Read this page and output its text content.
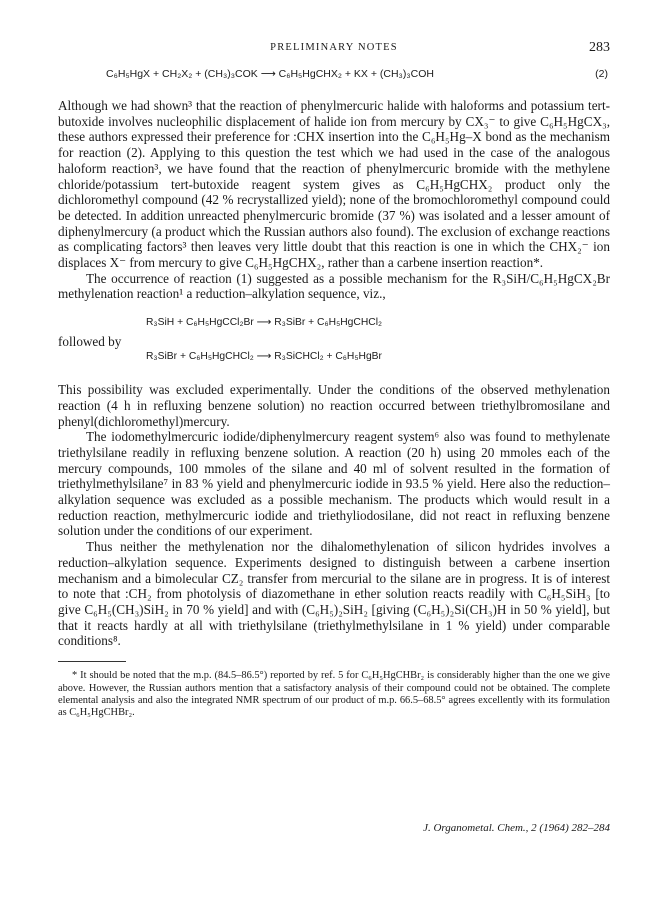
PRELIMINARY NOTES	283
C₆H₅HgX + CH₂X₂ + (CH₃)₃COK ⟶ C₆H₅HgCHX₂ + KX + (CH₃)₃COH	(2)

Although we had shown³ that the reaction of phenylmercuric halide with haloforms and potassium tert-butoxide involves nucleophilic displacement of halide ion from mercury by CX₃⁻ to give C₆H₅HgCX₃, these authors expressed their preference for :CHX insertion into the C₆H₅Hg–X bond as the mechanism for reaction (2). Applying to this question the test which we had used in the case of the analogous haloform reaction³, we have found that the reaction of phenylmercuric bromide with the methylene chloride/potassium tert-butoxide reagent system gives as C₆H₅HgCHX₂ product only the dichloromethyl compound (42 % recrystallized yield); none of the bromochloromethyl compound could be detected. In addition unreacted phenylmercuric bromide (37 %) was isolated and a lesser amount of diphenylmercury (a product which the Russian authors also found). The exclusion of exchange reactions as complicating factors³ then leaves very little doubt that this reaction is one in which the CHX₂⁻ ion displaces X⁻ from mercury to give C₆H₅HgCHX₂, rather than a carbene insertion reaction*.

The occurrence of reaction (1) suggested as a possible mechanism for the R₃SiH/C₆H₅HgCX₂Br methylenation reaction¹ a reduction–alkylation sequence, viz.,

R₃SiH + C₆H₅HgCCl₂Br ⟶ R₃SiBr + C₆H₅HgCHCl₂
followed by
R₃SiBr + C₆H₅HgCHCl₂ ⟶ R₃SiCHCl₂ + C₆H₅HgBr

This possibility was excluded experimentally. Under the conditions of the observed methylenation reaction (4 h in refluxing benzene solution) no reaction occurred between triethylbromosilane and phenyl(dichloromethyl)mercury.

The iodomethylmercuric iodide/diphenylmercury reagent system⁶ also was found to methylenate triethylsilane readily in refluxing benzene solution. A reaction (20 h) using 20 mmoles each of the mercury compounds, 100 mmoles of the silane and 40 ml of solvent resulted in the formation of triethylmethylsilane⁷ in 83 % yield and phenylmercuric iodide in 93.5 % yield. Here also the reduction–alkylation sequence was excluded as a possible mechanism. The products which would result in a reduction reaction, methylmercuric iodide and triethyliodosilane, did not react in refluxing benzene solution under the conditions of our experiment.

Thus neither the methylenation nor the dihalomethylenation of silicon hydrides involves a reduction–alkylation sequence. Experiments designed to distinguish between a carbene insertion mechanism and a bimolecular CZ₂ transfer from mercurial to the silane are in progress. It is of interest to note that :CH₂ from photolysis of diazomethane in ether solution reacts readily with C₆H₅SiH₃ [to give C₆H₅(CH₃)SiH₂ in 70 % yield] and with (C₆H₅)₂SiH₂ [giving (C₆H₅)₂Si(CH₃)H in 50 % yield], but that it reacts hardly at all with triethylsilane (triethylmethylsilane in 1 % yield) under comparable conditions⁸.

* It should be noted that the m.p. (84.5–86.5°) reported by ref. 5 for C₆H₅HgCHBr₂ is considerably higher than the one we give above. However, the Russian authors mention that a satisfactory analysis of their compound could not be obtained. The complete elemental analysis and also the integrated NMR spectrum of our product of m.p. 66.5–68.5° agrees excellently with its formulation as C₆H₅HgCHBr₂.
J. Organometal. Chem., 2 (1964) 282–284
